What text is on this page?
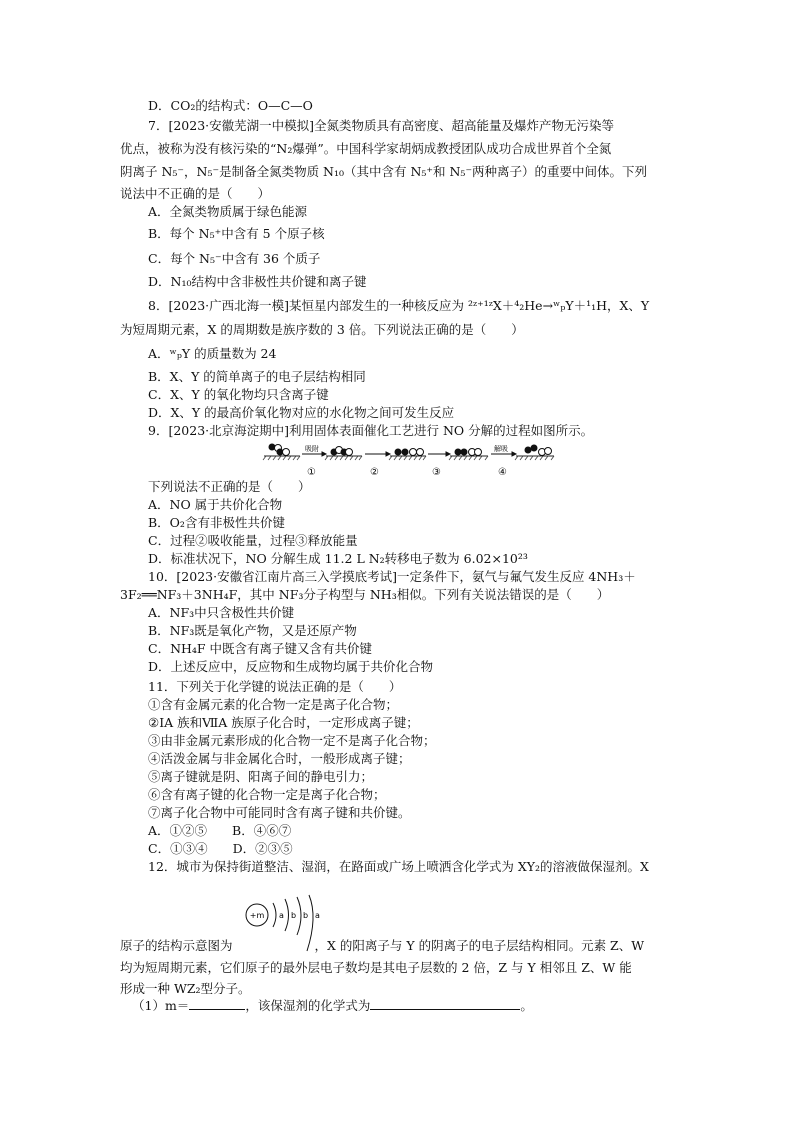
D．CO₂的结构式：O—C—O
7．[2023·安徽芜湖一中模拟]全氮类物质具有高密度、超高能量及爆炸产物无污染等
优点，被称为没有核污染的“N₂爆弹”。中国科学家胡炳成教授团队成功合成世界首个全氮
阴离子 N₅⁻，N₅⁻是制备全氮类物质 N₁₀（其中含有 N₅⁺和 N₅⁻两种离子）的重要中间体。下列
说法中不正确的是（　　）
A．全氮类物质属于绿色能源
B．每个 N₅⁺中含有 5 个原子核
C．每个 N₅⁻中含有 36 个质子
D．N₁₀结构中含非极性共价键和离子键
8．[2023·广西北海一模]某恒星内部发生的一种核反应为 ²ᶻ⁺¹ᶻX＋⁴₂He→ʷₚY＋¹₁H，X、Y
为短周期元素，X 的周期数是族序数的 3 倍。下列说法正确的是（　　）
A．ʷₚY 的质量数为 24
B．X、Y 的简单离子的电子层结构相同
C．X、Y 的氧化物均只含离子键
D．X、Y 的最高价氧化物对应的水化物之间可发生反应
9．[2023·北京海淀期中]利用固体表面催化工艺进行 NO 分解的过程如图所示。
吸附	解吸
①	②	③	④
下列说法不正确的是（　　）
A．NO 属于共价化合物
B．O₂含有非极性共价键
C．过程②吸收能量，过程③释放能量
D．标准状况下，NO 分解生成 11.2 L N₂转移电子数为 6.02×10²³
10．[2023·安徽省江南片高三入学摸底考试]一定条件下，氨气与氟气发生反应 4NH₃＋
3F₂══NF₃＋3NH₄F，其中 NF₃分子构型与 NH₃相似。下列有关说法错误的是（　　）
A．NF₃中只含极性共价键
B．NF₃既是氧化产物，又是还原产物
C．NH₄F 中既含有离子键又含有共价键
D．上述反应中，反应物和生成物均属于共价化合物
11．下列关于化学键的说法正确的是（　　）
①含有金属元素的化合物一定是离子化合物；
②ⅠA 族和ⅦA 族原子化合时，一定形成离子键；
③由非金属元素形成的化合物一定不是离子化合物；
④活泼金属与非金属化合时，一般形成离子键；
⑤离子键就是阴、阳离子间的静电引力；
⑥含有离子键的化合物一定是离子化合物；
⑦离子化合物中可能同时含有离子键和共价键。
A．①②⑤　　B．④⑥⑦
C．①③④　　D．②③⑤
12．城市为保持街道整洁、湿润，在路面或广场上喷洒含化学式为 XY₂的溶液做保湿剂。X
+m a b b a
原子的结构示意图为	，X 的阳离子与 Y 的阴离子的电子层结构相同。元素 Z、W
均为短周期元素，它们原子的最外层电子数均是其电子层数的 2 倍，Z 与 Y 相邻且 Z、W 能
形成一种 WZ₂型分子。
（1）m＝	，该保湿剂的化学式为	。
